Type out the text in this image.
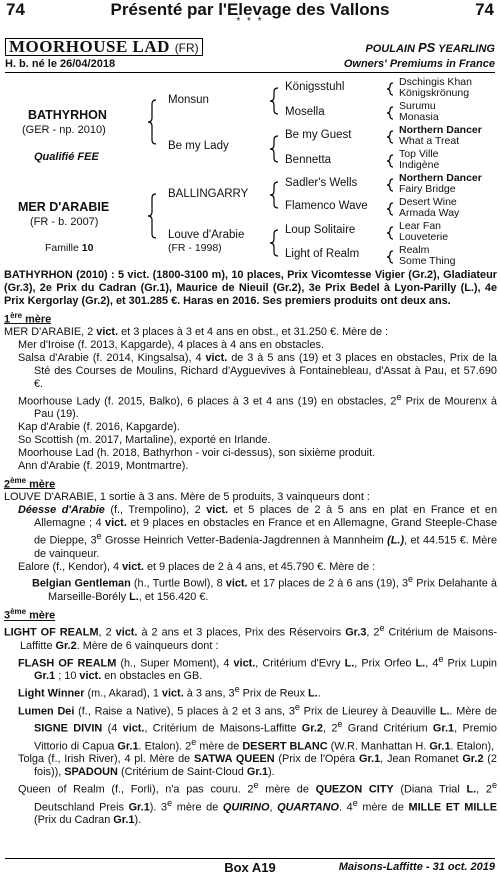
74	Présenté par l'Elevage des Vallons	74
* * *
MOORHOUSE LAD (FR)	POULAIN PS YEARLING
H. b. né le 26/04/2018	Owners' Premiums in France
BATHYRHON
(GER - np. 2010)
Qualifié FEE
MER D'ARABIE
(FR - b. 2007)
Famille 10
Monsun
Be my Lady
BALLINGARRY
Louve d'Arabie
(FR - 1998)
Königsstuhl
Mosella
Be my Guest
Bennetta
Sadler's Wells
Flamenco Wave
Loup Solitaire
Light of Realm
Dschingis Khan
Königskrönung
Surumu
Monasia
Northern Dancer
What a Treat
Top Ville
Indigène
Northern Dancer
Fairy Bridge
Desert Wine
Armada Way
Lear Fan
Louveterie
Realm
Some Thing

BATHYRHON (2010) : 5 vict. (1800-3100 m), 10 places, Prix Vicomtesse Vigier (Gr.2), Gladiateur (Gr.3), 2e Prix du Cadran (Gr.1), Maurice de Nieuil (Gr.2), 3e Prix Bedel à Lyon-Parilly (L.), 4e Prix Kergorlay (Gr.2), et 301.285 €. Haras en 2016. Ses premiers produits ont deux ans.

1ère mère

MER D'ARABIE, 2 vict. et 3 places à 3 et 4 ans en obst., et 31.250 €. Mère de :

Mer d'Iroise (f. 2013, Kapgarde), 4 places à 4 ans en obstacles.

Salsa d'Arabie (f. 2014, Kingsalsa), 4 vict. de 3 à 5 ans (19) et 3 places en obstacles, Prix de la Sté des Courses de Moulins, Richard d'Ayguevives à Fontainebleau, d'Assat à Pau, et 57.690 €.

Moorhouse Lady (f. 2015, Balko), 6 places à 3 et 4 ans (19) en obstacles, 2e Prix de Mourenx à Pau (19).

Kap d'Arabie (f. 2016, Kapgarde).

So Scottish (m. 2017, Martaline), exporté en Irlande.

Moorhouse Lad (h. 2018, Bathyrhon - voir ci-dessus), son sixième produit.

Ann d'Arabie (f. 2019, Montmartre).

2ème mère

LOUVE D'ARABIE, 1 sortie à 3 ans. Mère de 5 produits, 3 vainqueurs dont :

Déesse d'Arabie (f., Trempolino), 2 vict. et 5 places de 2 à 5 ans en plat en France et en Allemagne ; 4 vict. et 9 places en obstacles en France et en Allemagne, Grand Steeple-Chase de Dieppe, 3e Grosse Heinrich Vetter-Badenia-Jagdrennen à Mannheim (L.), et 44.515 €. Mère de vainqueur.

Ealore (f., Kendor), 4 vict. et 9 places de 2 à 4 ans, et 45.790 €. Mère de :

Belgian Gentleman (h., Turtle Bowl), 8 vict. et 17 places de 2 à 6 ans (19), 3e Prix Delahante à Marseille-Borély L., et 156.420 €.

3ème mère

LIGHT OF REALM, 2 vict. à 2 ans et 3 places, Prix des Réservoirs Gr.3, 2e Critérium de Maisons-Laffitte Gr.2. Mère de 6 vainqueurs dont :

FLASH OF REALM (h., Super Moment), 4 vict., Critérium d'Evry L., Prix Orfeo L., 4e Prix Lupin Gr.1 ; 10 vict. en obstacles en GB.

Light Winner (m., Akarad), 1 vict. à 3 ans, 3e Prix de Reux L..

Lumen Dei (f., Raise a Native), 5 places à 2 et 3 ans, 3e Prix de Lieurey à Deauville L.. Mère de SIGNE DIVIN (4 vict., Critérium de Maisons-Laffitte Gr.2, 2e Grand Critérium Gr.1, Premio Vittorio di Capua Gr.1. Etalon). 2e mère de DESERT BLANC (W.R. Manhattan H. Gr.1. Etalon),

Tolga (f., Irish River), 4 pl. Mère de SATWA QUEEN (Prix de l'Opéra Gr.1, Jean Romanet Gr.2 (2 fois)), SPADOUN (Critérium de Saint-Cloud Gr.1).

Queen of Realm (f., Forli), n'a pas couru. 2e mère de QUEZON CITY (Diana Trial L., 2e Deutschland Preis Gr.1). 3e mère de QUIRINO, QUARTANO. 4e mère de MILLE ET MILLE (Prix du Cadran Gr.1).

Box A19	Maisons-Laffitte - 31 oct. 2019
